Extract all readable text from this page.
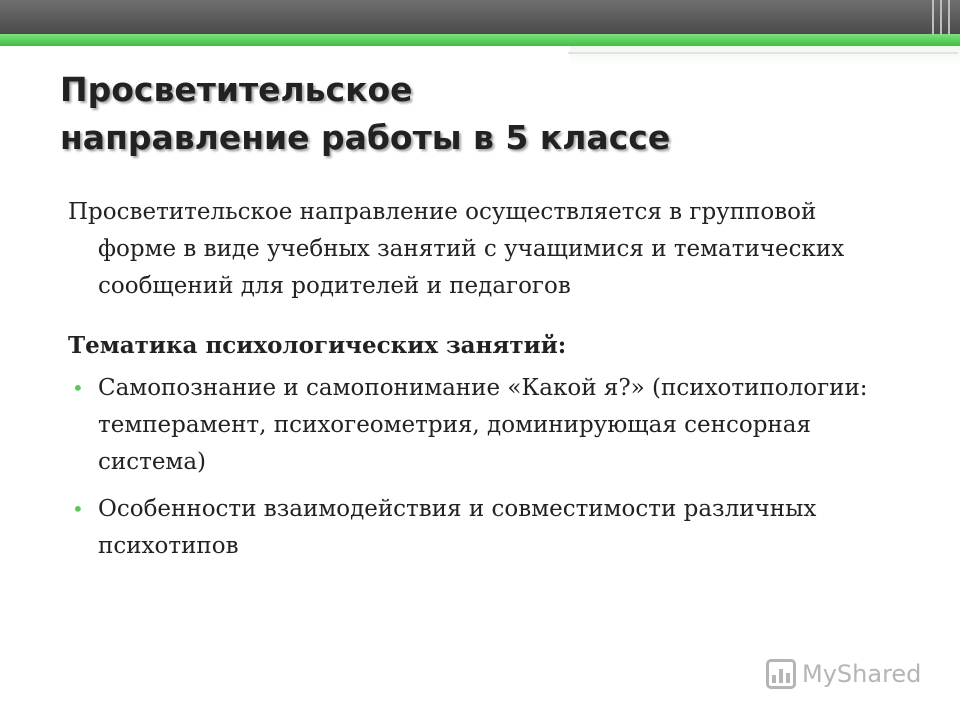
Просветительское
направление работы в 5 классе

Просветительское направление осуществляется в групповой форме в виде учебных занятий с учащимися и тематических сообщений для родителей и педагогов

Тематика психологических занятий:

• Самопознание и самопонимание «Какой я?» (психотипологии: темперамент, психогеометрия, доминирующая сенсорная система)
• Особенности взаимодействия и совместимости различных психотипов
MyShared
